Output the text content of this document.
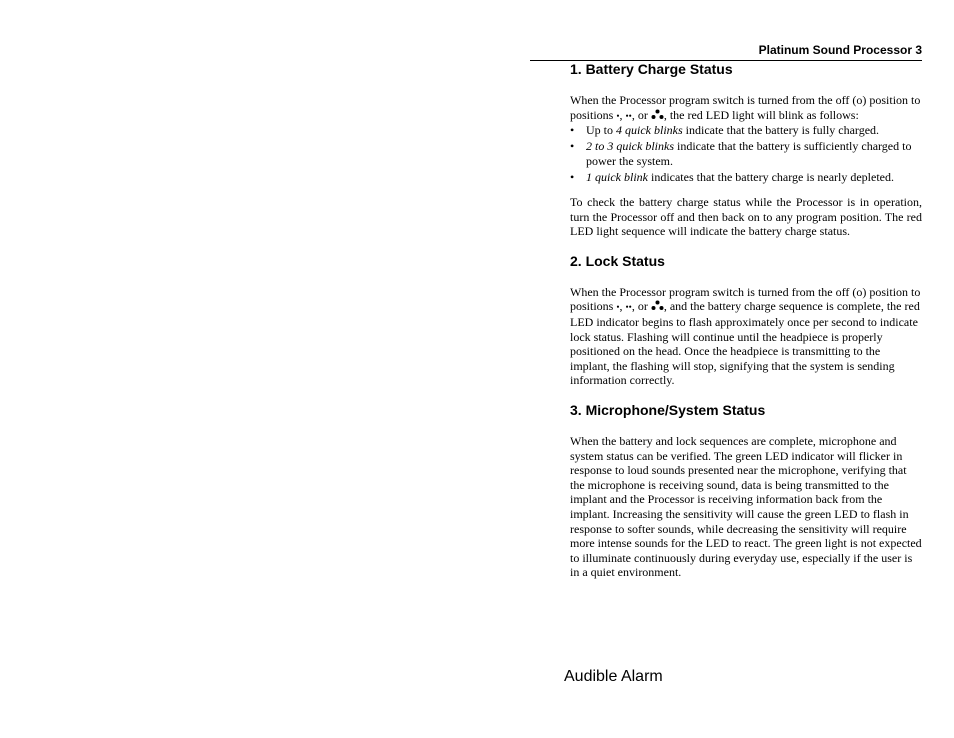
Platinum Sound Processor 3
1. Battery Charge Status

When the Processor program switch is turned from the off (o) position to positions •, ••, or
, the red LED light will blink as follows:

• Up to 4 quick blinks indicate that the battery is fully charged.
• 2 to 3 quick blinks indicate that the battery is sufficiently charged to power the system.
• 1 quick blink indicates that the battery charge is nearly depleted.

To check the battery charge status while the Processor is in operation, turn the Processor off and then back on to any program position. The red LED light sequence will indicate the battery charge status.

2. Lock Status

When the Processor program switch is turned from the off (o) position to positions •, ••, or
, and the battery charge sequence is complete, the red LED indicator begins to flash approximately once per second to indicate lock status. Flashing will continue until the headpiece is properly positioned on the head. Once the headpiece is transmitting to the implant, the flashing will stop, signifying that the system is sending information correctly.

3. Microphone/System Status

When the battery and lock sequences are complete, microphone and system status can be verified. The green LED indicator will flicker in response to loud sounds presented near the microphone, verifying that the microphone is receiving sound, data is being transmitted to the implant and the Processor is receiving information back from the implant. Increasing the sensitivity will cause the green LED to flash in response to softer sounds, while decreasing the sensitivity will require more intense sounds for the LED to react. The green light is not expected to illuminate continuously during everyday use, especially if the user is in a quiet environment.

Audible Alarm
